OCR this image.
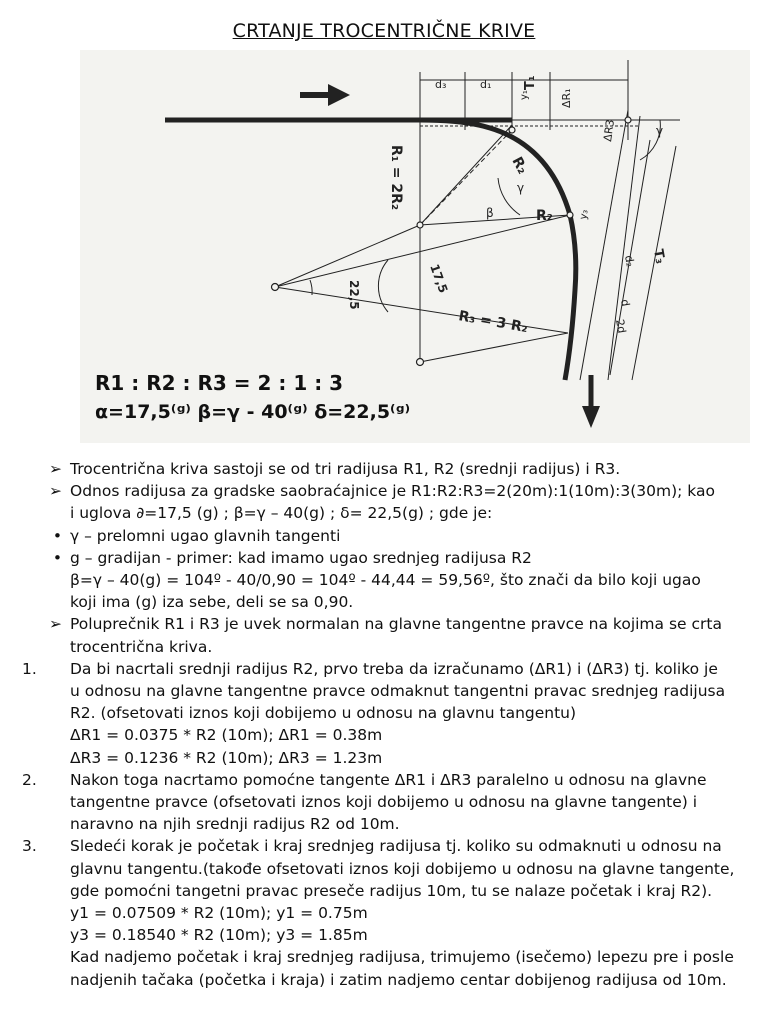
CRTANJE TROCENTRIČNE KRIVE
R₁ = 2R₂	R₂
R₂
R₃ = 3 R₂
T₁
T₃
ΔR₁
ΔR3
d₃	d₁
d₂
d
2d
y₁
y₃
γ
γ
β
22,5	17,5
R1 : R2 : R3 = 2 : 1 : 3
α=17,5⁽ᵍ⁾ β=γ - 40⁽ᵍ⁾ δ=22,5⁽ᵍ⁾
➢ Trocentrična kriva sastoji se od tri radijusa R1, R2 (srednji radijus) i R3.
➢ Odnos radijusa za gradske saobraćajnice je R1:R2:R3=2(20m):1(10m):3(30m); kao
i uglova ∂=17,5 (g) ; β=γ – 40(g) ; δ= 22,5(g) ; gde je:
• γ – prelomni ugao glavnih tangenti
• g – gradijan - primer: kad imamo ugao srednjeg radijusa R2
β=γ – 40(g) = 104º - 40/0,90 = 104º - 44,44 = 59,56º, što znači da bilo koji ugao
koji ima (g) iza sebe, deli se sa 0,90.
➢ Poluprečnik R1 i R3 je uvek normalan na glavne tangentne pravce na kojima se crta
trocentrična kriva.
1.	Da bi nacrtali srednji radijus R2, prvo treba da izračunamo (ΔR1) i (ΔR3) tj. koliko je
u odnosu na glavne tangentne pravce odmaknut tangentni pravac srednjeg radijusa
R2. (ofsetovati iznos koji dobijemo u odnosu na glavnu tangentu)
ΔR1 = 0.0375 * R2 (10m); ΔR1 = 0.38m
ΔR3 = 0.1236 * R2 (10m); ΔR3 = 1.23m
2.	Nakon toga nacrtamo pomoćne tangente ΔR1 i ΔR3 paralelno u odnosu na glavne
tangentne pravce (ofsetovati iznos koji dobijemo u odnosu na glavne tangente) i
naravno na njih srednji radijus R2 od 10m.
3.	Sledeći korak je početak i kraj srednjeg radijusa tj. koliko su odmaknuti u odnosu na
glavnu tangentu.(takođe ofsetovati iznos koji dobijemo u odnosu na glavne tangente,
gde pomoćni tangetni pravac preseče radijus 10m, tu se nalaze početak i kraj R2).
y1 = 0.07509 * R2 (10m); y1 = 0.75m
y3 = 0.18540 * R2 (10m); y3 = 1.85m
Kad nadjemo početak i kraj srednjeg radijusa, trimujemo (isečemo) lepezu pre i posle
nadjenih tačaka (početka i kraja) i zatim nadjemo centar dobijenog radijusa od 10m.
